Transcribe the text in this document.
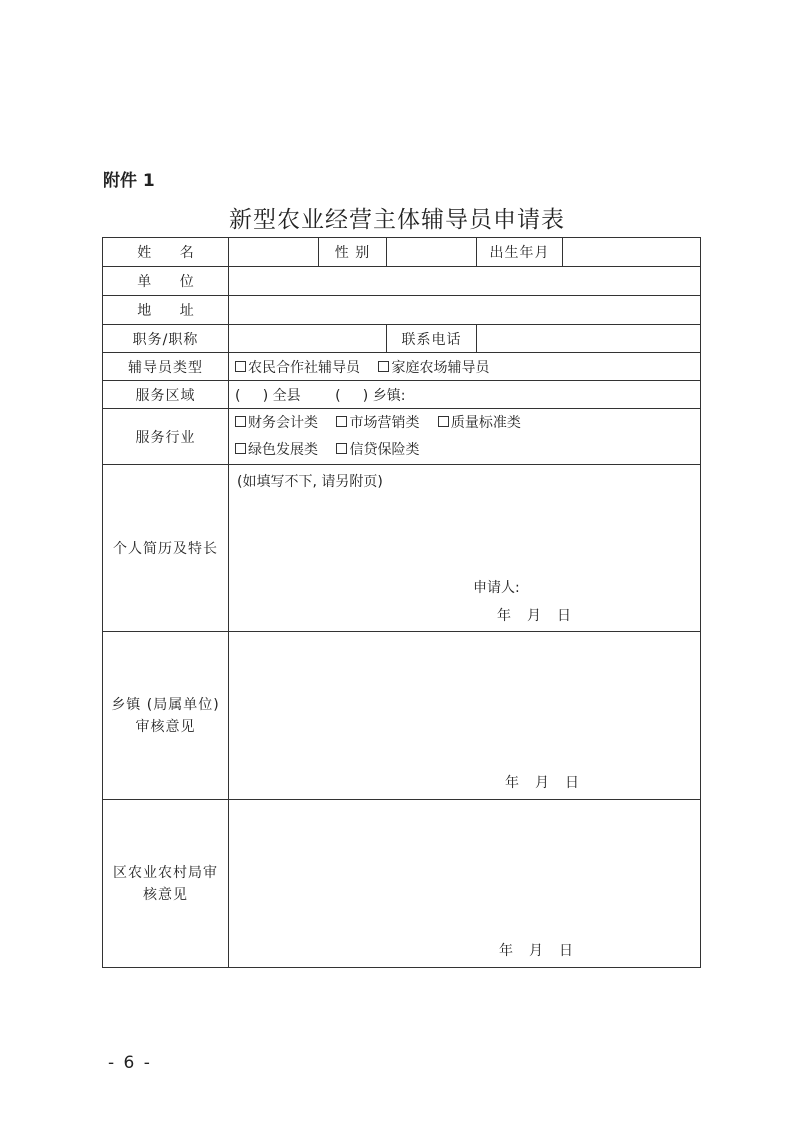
附件 1
新型农业经营主体辅导员申请表
姓 名		性 别		出生年月	
单 位					
地 址					
职务/职称			联系电话		
辅导员类型	农民合作社辅导员 家庭农场辅导员				
服务区域	(     ) 全县 (     ) 乡镇:				
服务行业	财务会计类 市场营销类 质量标准类
绿色发展类 信贷保险类				
个人简历及特长	(如填写不下, 请另附页)
申请人:
年 月 日				

乡镇 (局属单位)审核意见	年 月 日				

区农业农村局审核意见	年 月 日				
- 6 -
